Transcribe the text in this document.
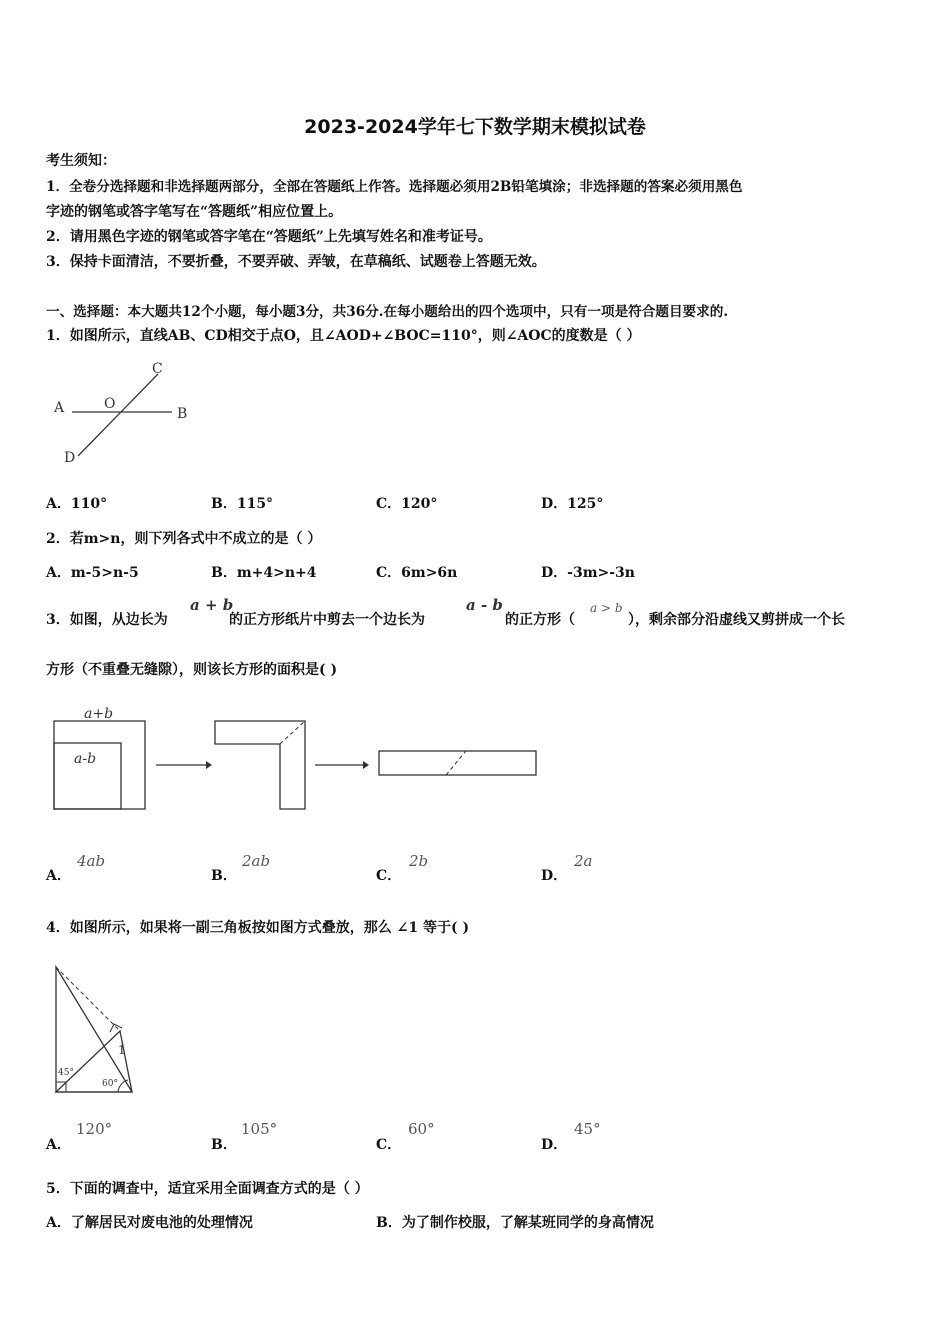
2023-2024学年七下数学期末模拟试卷
考生须知：
1．全卷分选择题和非选择题两部分，全部在答题纸上作答。选择题必须用2B铅笔填涂；非选择题的答案必须用黑色
字迹的钢笔或答字笔写在“答题纸”相应位置上。
2．请用黑色字迹的钢笔或答字笔在“答题纸”上先填写姓名和准考证号。
3．保持卡面清洁，不要折叠，不要弄破、弄皱，在草稿纸、试题卷上答题无效。
一、选择题：本大题共12个小题，每小题3分，共36分.在每小题给出的四个选项中，只有一项是符合题目要求的.
1．如图所示，直线AB、CD相交于点O，且∠AOD+∠BOC=110°，则∠AOC的度数是（ ）
A	O
B
C
D
A．110°	B．115°	C．120°	D．125°
2．若m>n，则下列各式中不成立的是（ ）
A．m-5>n-5	B．m+4>n+4	C．6m>6n	D．-3m>-3n
3．如图，从边长为
a + b
的正方形纸片中剪去一个边长为
a - b
的正方形（
a > b
），剩余部分沿虚线又剪拼成一个长
方形（不重叠无缝隙），则该长方形的面积是( )
a+b
a-b
A．
4ab
B．
2ab
C．
2b
D．
2a
4．如图所示，如果将一副三角板按如图方式叠放，那么 ∠1 等于( )
45°
60°
1
A．
120°
B．
105°
C．
60°
D．
45°
5．下面的调查中，适宜采用全面调查方式的是（ ）
A．了解居民对废电池的处理情况	B．为了制作校服，了解某班同学的身高情况
